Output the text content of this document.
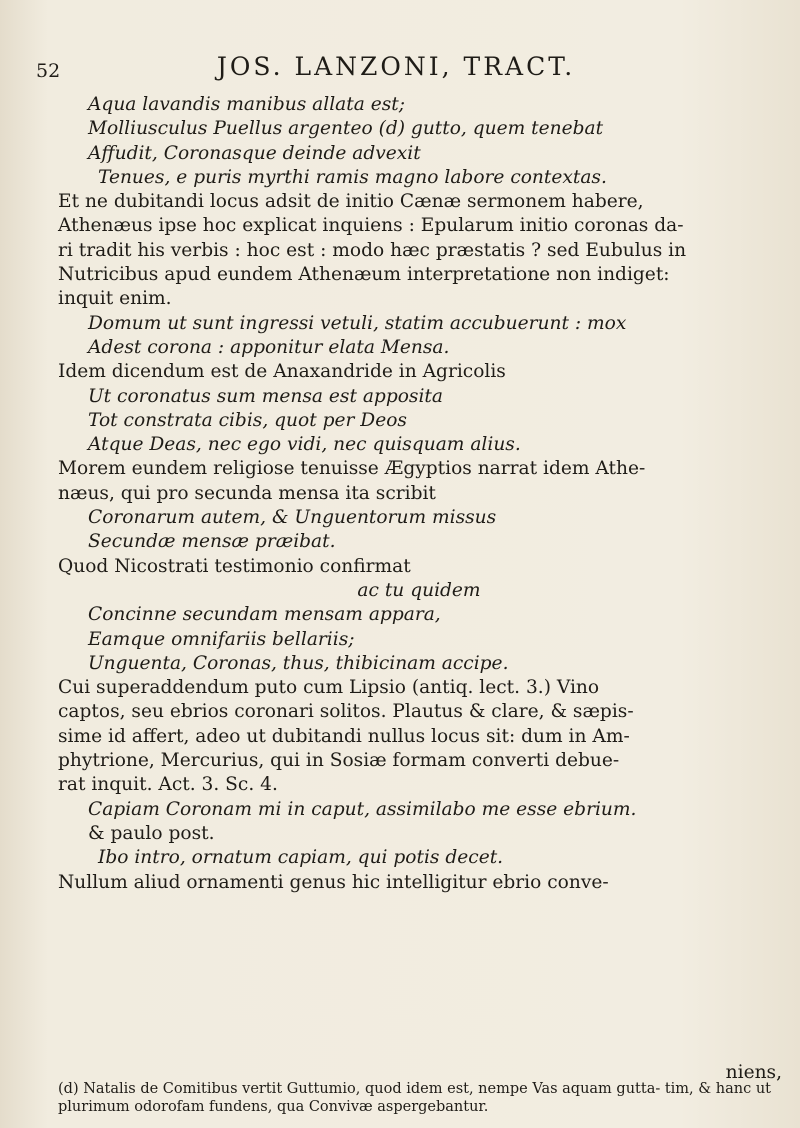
52	JOS. LANZONI, TRACT.
Aqua lavandis manibus allata est;
Molliusculus Puellus argenteo (d) gutto, quem tenebat
Affudit, Coronasque deinde advexit
Tenues, e puris myrthi ramis magno labore contextas.
Et ne dubitandi locus adsit de initio Cænæ sermonem habere,
Athenæus ipse hoc explicat inquiens : Epularum initio coronas da-
ri tradit his verbis : hoc est : modo hæc præstatis ? sed Eubulus in
Nutricibus apud eundem Athenæum interpretatione non indiget:
inquit enim.
Domum ut sunt ingressi vetuli, statim accubuerunt : mox
Adest corona : apponitur elata Mensa.
Idem dicendum est de Anaxandride in Agricolis
Ut coronatus sum mensa est apposita
Tot constrata cibis, quot per Deos
Atque Deas, nec ego vidi, nec quisquam alius.
Morem eundem religiose tenuisse Ægyptios narrat idem Athe-
næus, qui pro secunda mensa ita scribit
Coronarum autem, & Unguentorum missus
Secundæ mensæ præibat.
Quod Nicostrati testimonio confirmat
ac tu quidem
Concinne secundam mensam appara,
Eamque omnifariis bellariis;
Unguenta, Coronas, thus, thibicinam accipe.
Cui superaddendum puto cum Lipsio (antiq. lect. 3.) Vino
captos, seu ebrios coronari solitos. Plautus & clare, & sæpis-
sime id affert, adeo ut dubitandi nullus locus sit: dum in Am-
phytrione, Mercurius, qui in Sosiæ formam converti debue-
rat inquit. Act. 3. Sc. 4.
Capiam Coronam mi in caput, assimilabo me esse ebrium.
& paulo post.
Ibo intro, ornatum capiam, qui potis decet.
Nullum aliud ornamenti genus hic intelligitur ebrio conve-
niens,
(d) Natalis de Comitibus vertit Guttumio, quod idem est, nempe Vas aquam gutta- tim, & hanc ut plurimum odorofam fundens, qua Convivæ aspergebantur.
